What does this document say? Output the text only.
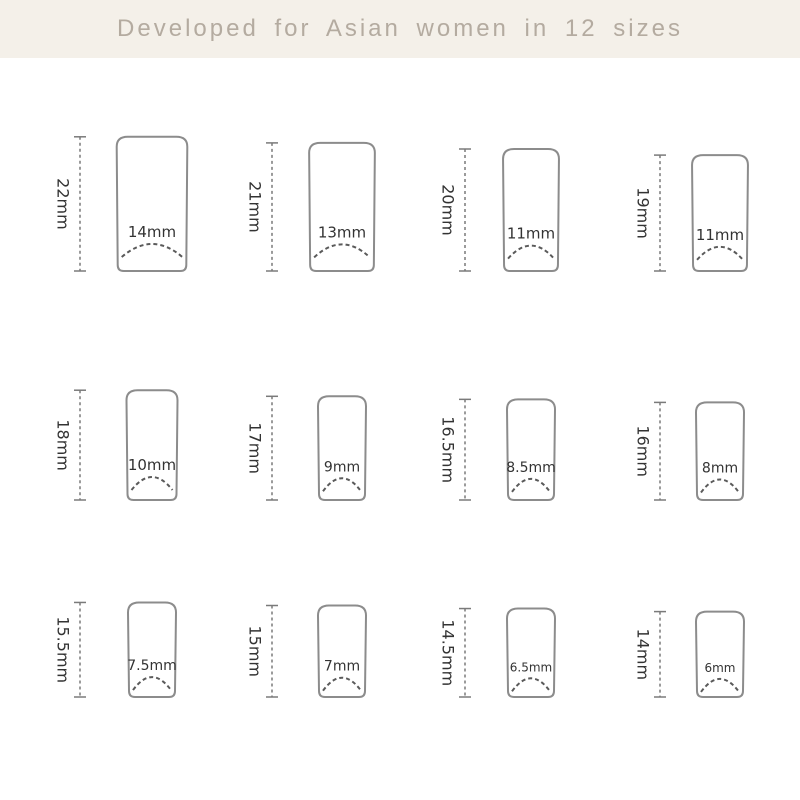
Developed for Asian women in 12 sizes
14mm
22mm
13mm
21mm
11mm
20mm	11mm
19mm
10mm
18mm	9mm
17mm	8.5mm
16.5mm	8mm
16mm
7.5mm
15.5mm	7mm
15mm	6.5mm
14.5mm	6mm
14mm
